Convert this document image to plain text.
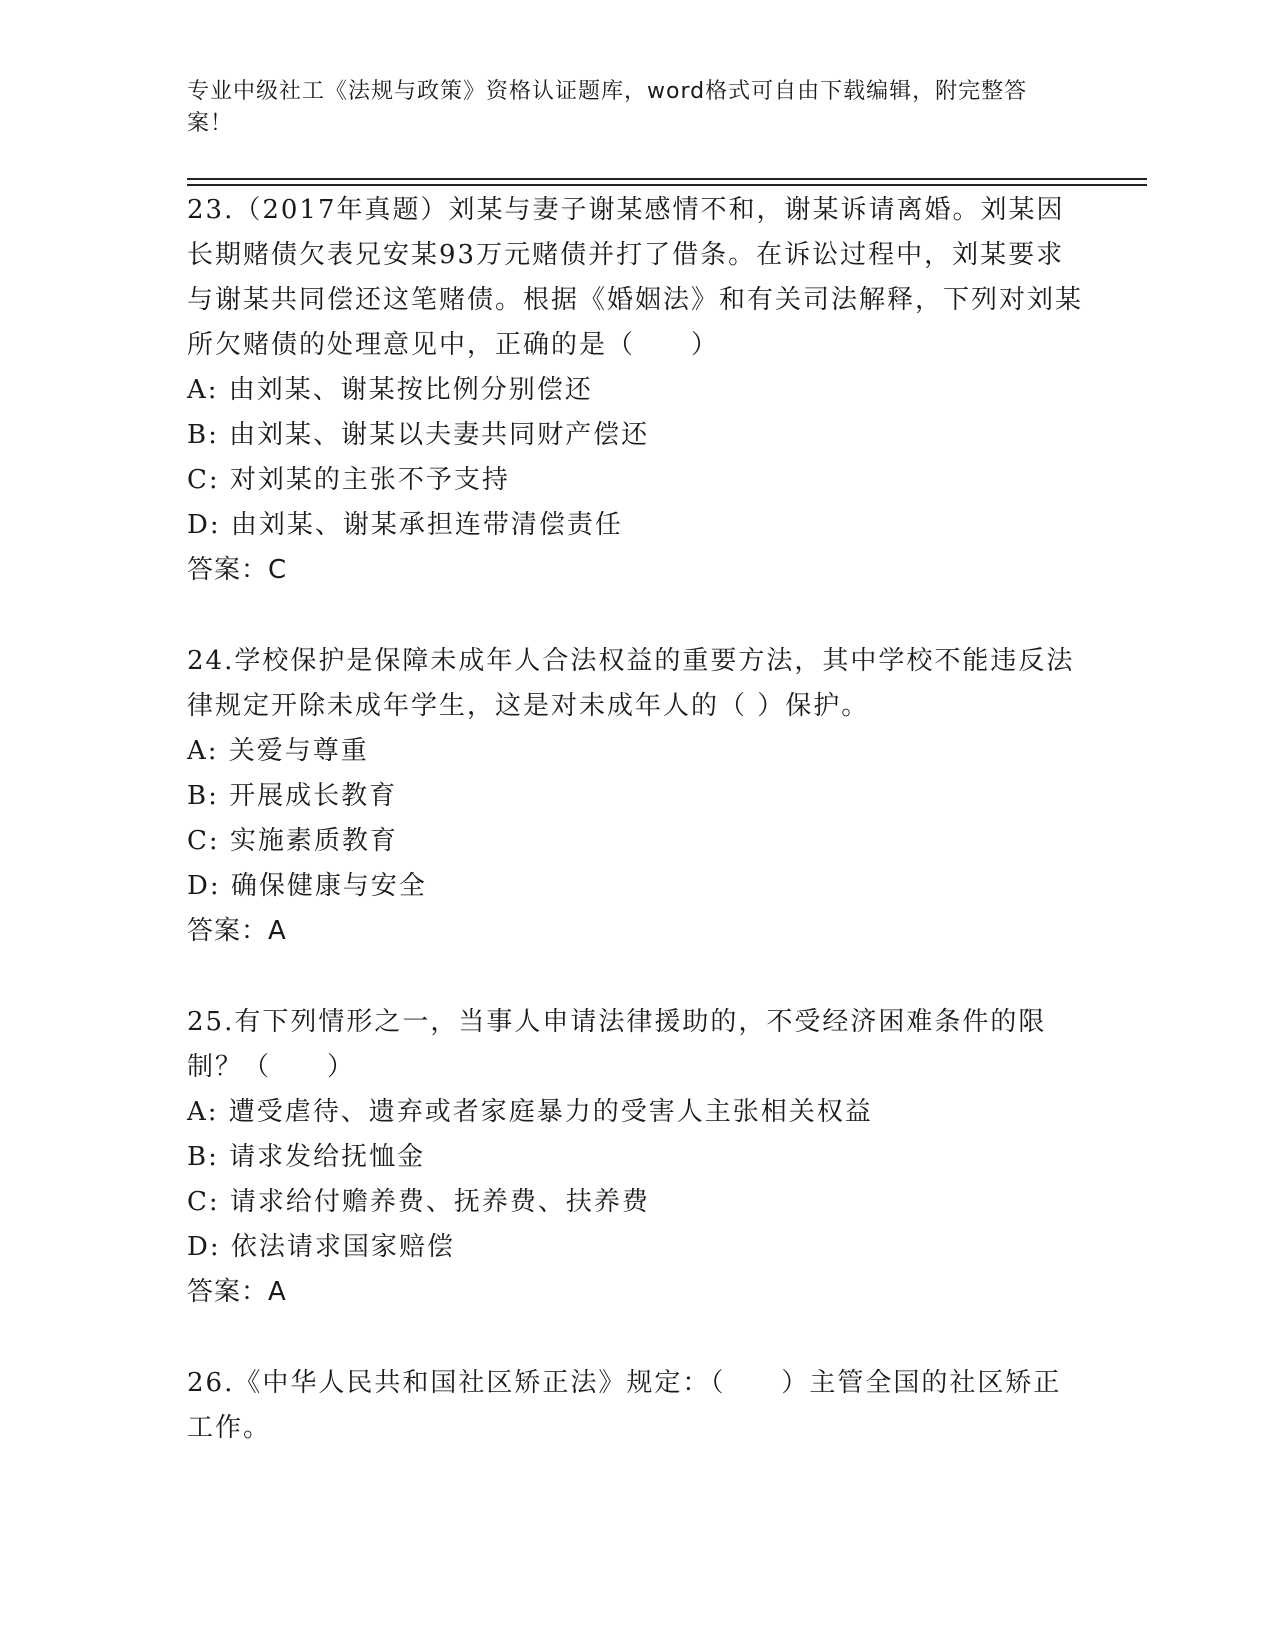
专业中级社工《法规与政策》资格认证题库，word格式可自由下载编辑，附完整答案！

23.（2017年真题）刘某与妻子谢某感情不和，谢某诉请离婚。刘某因长期赌债欠表兄安某93万元赌债并打了借条。在诉讼过程中，刘某要求与谢某共同偿还这笔赌债。根据《婚姻法》和有关司法解释，下列对刘某所欠赌债的处理意见中，正确的是（　　）

A: 由刘某、谢某按比例分别偿还

B: 由刘某、谢某以夫妻共同财产偿还

C: 对刘某的主张不予支持

D: 由刘某、谢某承担连带清偿责任

答案：C

24.学校保护是保障未成年人合法权益的重要方法，其中学校不能违反法律规定开除未成年学生，这是对未成年人的（ ）保护。

A: 关爱与尊重

B: 开展成长教育

C: 实施素质教育

D: 确保健康与安全

答案：A

25.有下列情形之一，当事人申请法律援助的，不受经济困难条件的限制？（　　）

A: 遭受虐待、遗弃或者家庭暴力的受害人主张相关权益

B: 请求发给抚恤金

C: 请求给付赡养费、抚养费、扶养费

D: 依法请求国家赔偿

答案：A

26.《中华人民共和国社区矫正法》规定：（　　）主管全国的社区矫正工作。
